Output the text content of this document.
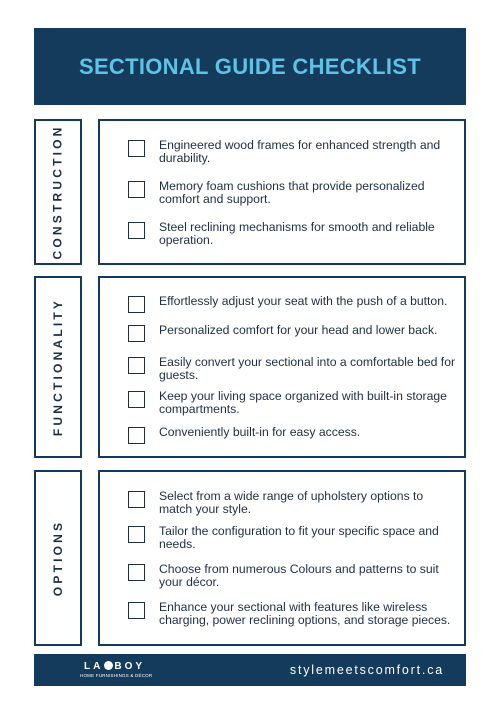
SECTIONAL GUIDE CHECKLIST
CONSTRUCTION	Engineered wood frames for enhanced strength and durability.
Memory foam cushions that provide personalized comfort and support.
Steel reclining mechanisms for smooth and reliable operation.
FUNCTIONALITY	Effortlessly adjust your seat with the push of a button.
Personalized comfort for your head and lower back.
Easily convert your sectional into a comfortable bed for guests.
Keep your living space organized with built-in storage compartments.
Conveniently built-in for easy access.
OPTIONS
Select from a wide range of upholstery options to match your style.
Tailor the configuration to fit your specific space and needs.
Choose from numerous Colours and patterns to suit your décor.
Enhance your sectional with features like wireless charging, power reclining options, and storage pieces.
LA BOY
HOME FURNISHINGS & DÉCOR	stylemeetscomfort.ca
